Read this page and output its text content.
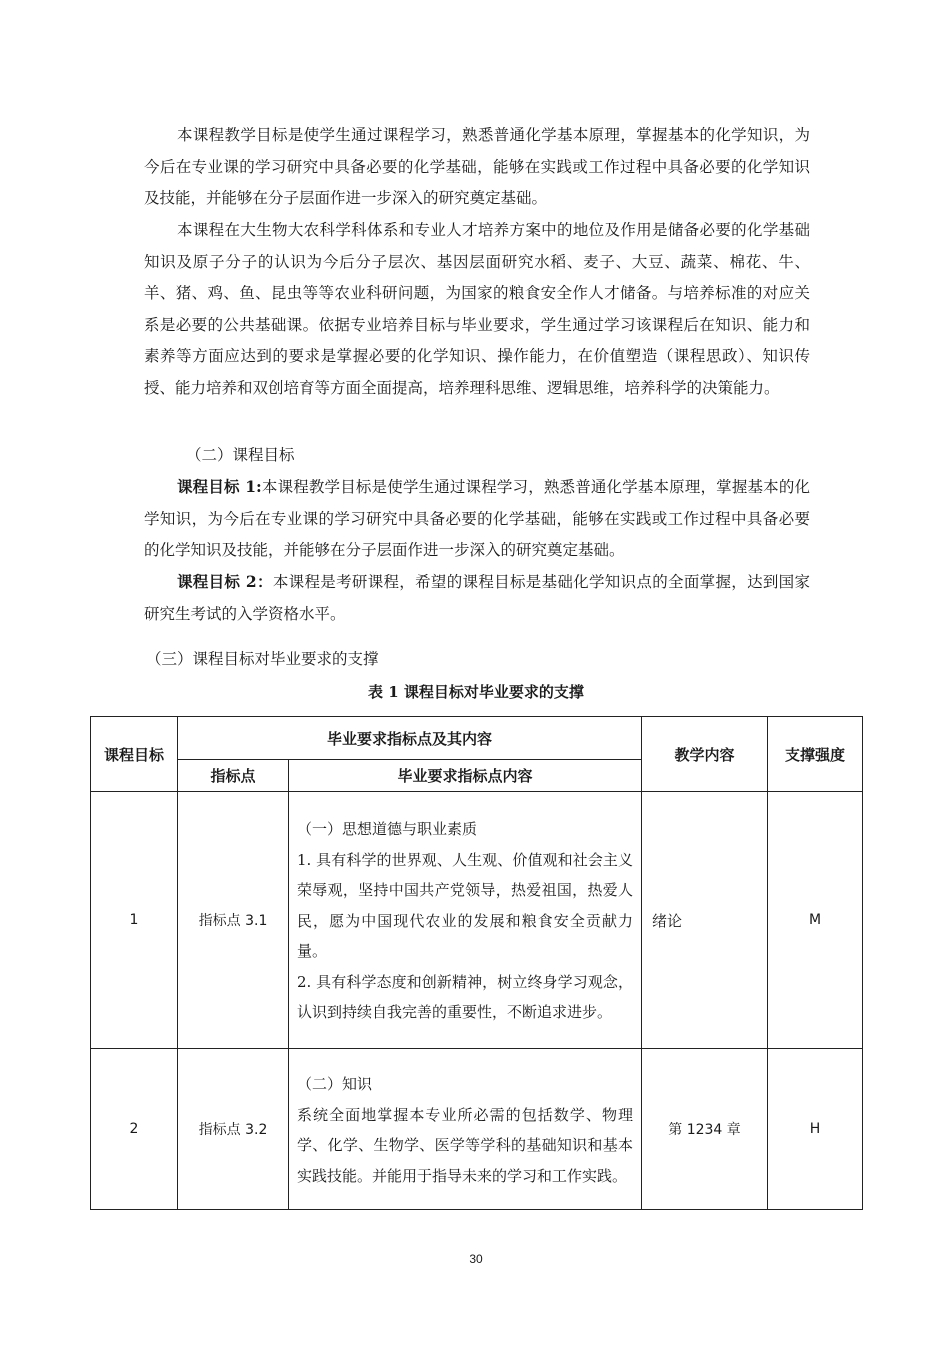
本课程教学目标是使学生通过课程学习，熟悉普通化学基本原理，掌握基本的化学知识，为今后在专业课的学习研究中具备必要的化学基础，能够在实践或工作过程中具备必要的化学知识及技能，并能够在分子层面作进一步深入的研究奠定基础。

本课程在大生物大农科学科体系和专业人才培养方案中的地位及作用是储备必要的化学基础知识及原子分子的认识为今后分子层次、基因层面研究水稻、麦子、大豆、蔬菜、棉花、牛、羊、猪、鸡、鱼、昆虫等等农业科研问题，为国家的粮食安全作人才储备。与培养标准的对应关系是必要的公共基础课。依据专业培养目标与毕业要求，学生通过学习该课程后在知识、能力和素养等方面应达到的要求是掌握必要的化学知识、操作能力，在价值塑造（课程思政）、知识传授、能力培养和双创培育等方面全面提高，培养理科思维、逻辑思维，培养科学的决策能力。

（二）课程目标

课程目标 1:本课程教学目标是使学生通过课程学习，熟悉普通化学基本原理，掌握基本的化学知识，为今后在专业课的学习研究中具备必要的化学基础，能够在实践或工作过程中具备必要的化学知识及技能，并能够在分子层面作进一步深入的研究奠定基础。

课程目标 2：本课程是考研课程，希望的课程目标是基础化学知识点的全面掌握，达到国家研究生考试的入学资格水平。

（三）课程目标对毕业要求的支撑
表 1 课程目标对毕业要求的支撑
课程目标	毕业要求指标点及其内容		教学内容	支撑强度
	指标点	毕业要求指标点内容		
1	指标点 3.1	（一）思想道德与职业素质
1. 具有科学的世界观、人生观、价值观和社会主义荣辱观，坚持中国共产党领导，热爱祖国，热爱人民，愿为中国现代农业的发展和粮食安全贡献力量。
2. 具有科学态度和创新精神，树立终身学习观念，认识到持续自我完善的重要性，不断追求进步。	绪论	M
2	指标点 3.2	（二）知识
系统全面地掌握本专业所必需的包括数学、物理学、化学、生物学、医学等学科的基础知识和基本实践技能。并能用于指导未来的学习和工作实践。	第 1234 章	H
30
